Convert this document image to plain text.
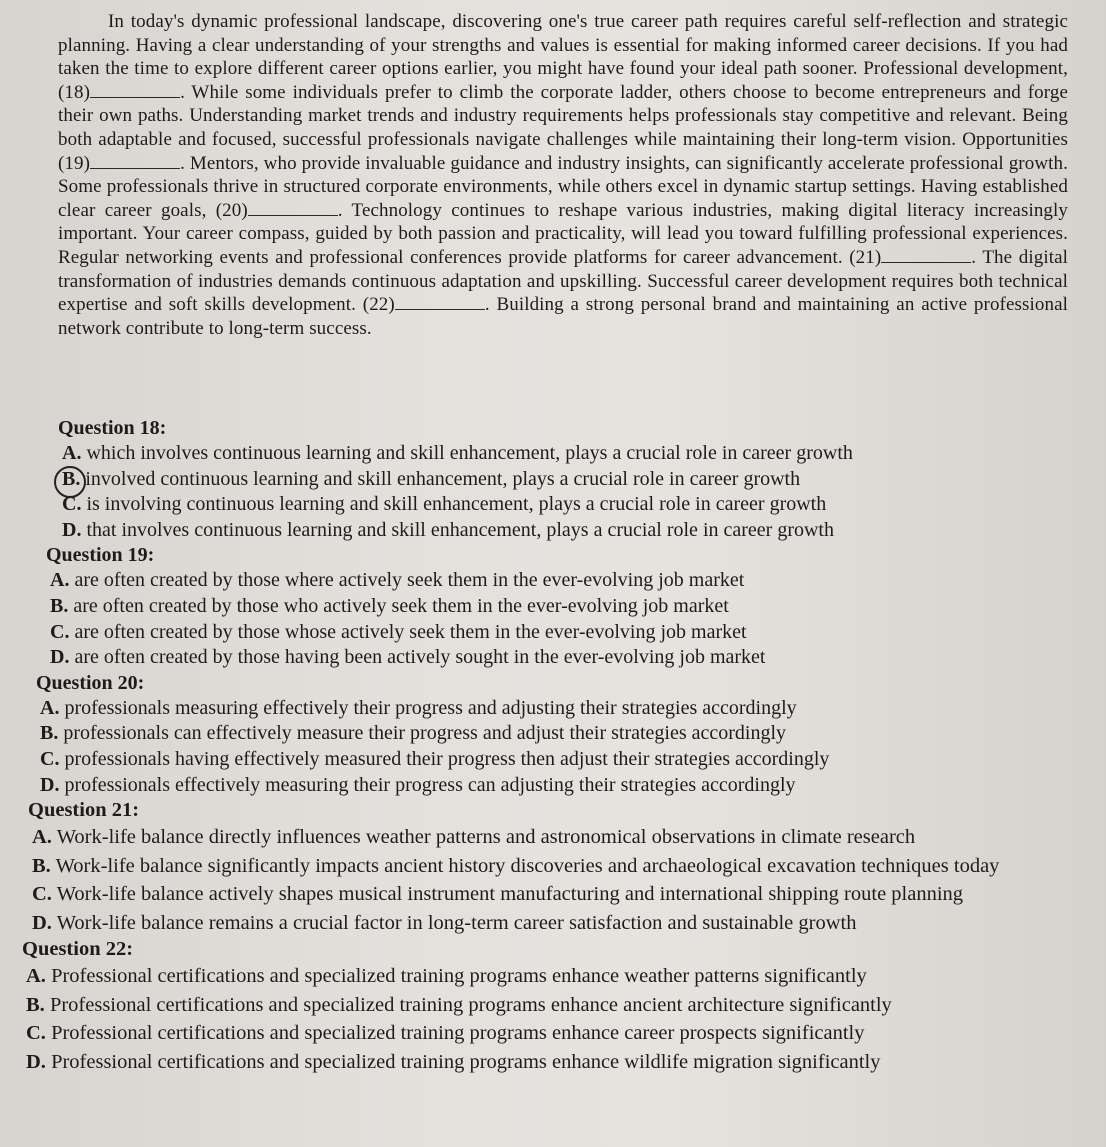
In today's dynamic professional landscape, discovering one's true career path requires careful self-reflection and strategic planning. Having a clear understanding of your strengths and values is essential for making informed career decisions. If you had taken the time to explore different career options earlier, you might have found your ideal path sooner. Professional development, (18)	. While some individuals prefer to climb the corporate ladder, others choose to become entrepreneurs and forge their own paths. Understanding market trends and industry requirements helps professionals stay competitive and relevant. Being both adaptable and focused, successful professionals navigate challenges while maintaining their long-term vision. Opportunities (19)	. Mentors, who provide invaluable guidance and industry insights, can significantly accelerate professional growth. Some professionals thrive in structured corporate environments, while others excel in dynamic startup settings. Having established clear career goals, (20)	. Technology continues to reshape various industries, making digital literacy increasingly important. Your career compass, guided by both passion and practicality, will lead you toward fulfilling professional experiences. Regular networking events and professional conferences provide platforms for career advancement. (21)	. The digital transformation of industries demands continuous adaptation and upskilling. Successful career development requires both technical expertise and soft skills development. (22)	. Building a strong personal brand and maintaining an active professional network contribute to long-term success.

Question 18:

A. which involves continuous learning and skill enhancement, plays a crucial role in career growth

B. involved continuous learning and skill enhancement, plays a crucial role in career growth

C. is involving continuous learning and skill enhancement, plays a crucial role in career growth

D. that involves continuous learning and skill enhancement, plays a crucial role in career growth

Question 19:

A. are often created by those where actively seek them in the ever-evolving job market

B. are often created by those who actively seek them in the ever-evolving job market

C. are often created by those whose actively seek them in the ever-evolving job market

D. are often created by those having been actively sought in the ever-evolving job market

Question 20:

A. professionals measuring effectively their progress and adjusting their strategies accordingly

B. professionals can effectively measure their progress and adjust their strategies accordingly

C. professionals having effectively measured their progress then adjust their strategies accordingly

D. professionals effectively measuring their progress can adjusting their strategies accordingly

Question 21:

A. Work-life balance directly influences weather patterns and astronomical observations in climate research

B. Work-life balance significantly impacts ancient history discoveries and archaeological excavation techniques today

C. Work-life balance actively shapes musical instrument manufacturing and international shipping route planning

D. Work-life balance remains a crucial factor in long-term career satisfaction and sustainable growth

Question 22:

A. Professional certifications and specialized training programs enhance weather patterns significantly

B. Professional certifications and specialized training programs enhance ancient architecture significantly

C. Professional certifications and specialized training programs enhance career prospects significantly

D. Professional certifications and specialized training programs enhance wildlife migration significantly
